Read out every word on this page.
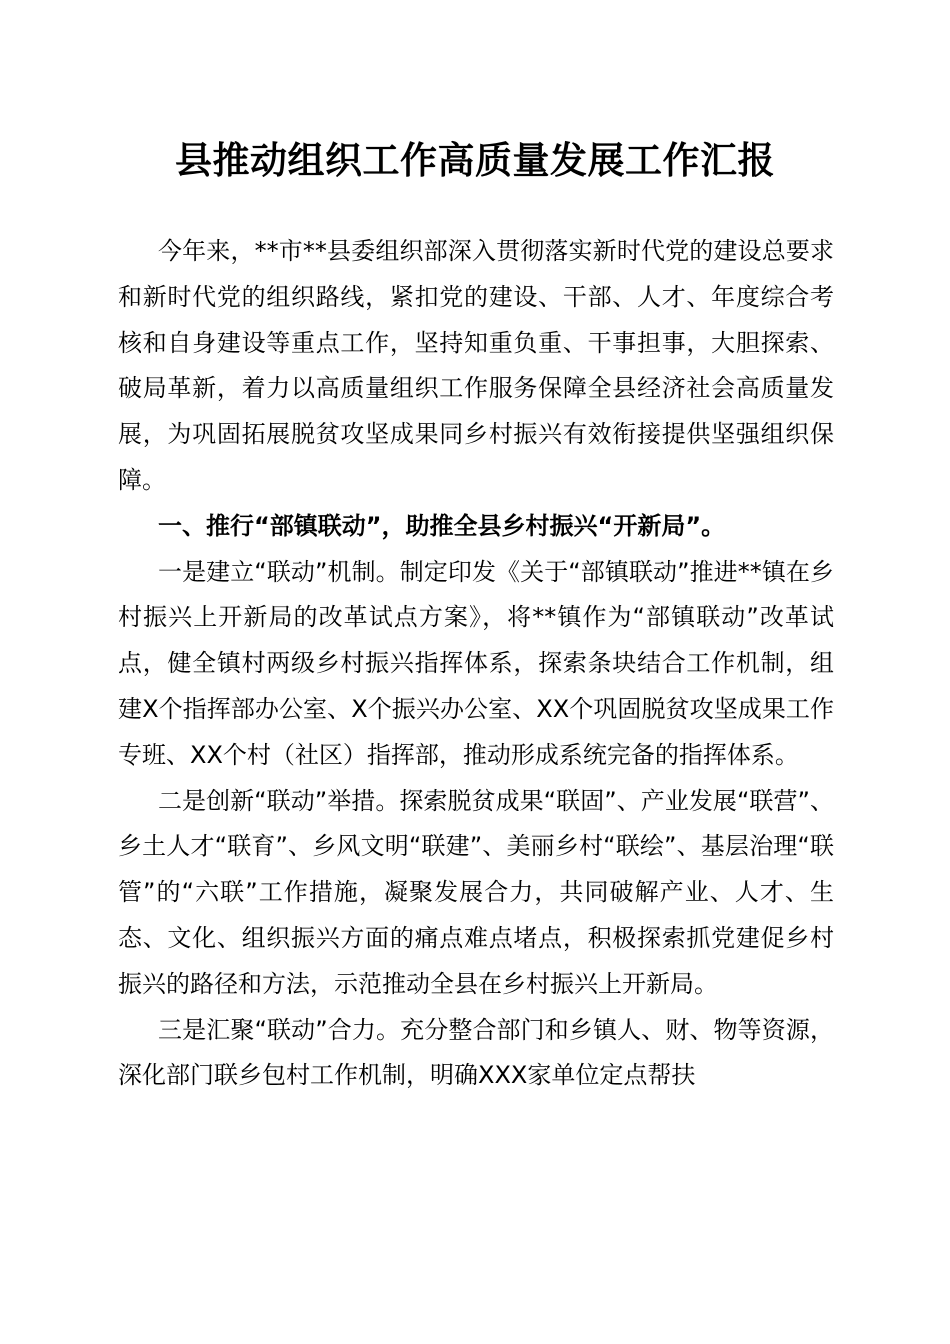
县推动组织工作高质量发展工作汇报

今年来，**市**县委组织部深入贯彻落实新时代党的建设总要求和新时代党的组织路线，紧扣党的建设、干部、人才、年度综合考核和自身建设等重点工作，坚持知重负重、干事担事，大胆探索、破局革新，着力以高质量组织工作服务保障全县经济社会高质量发展，为巩固拓展脱贫攻坚成果同乡村振兴有效衔接提供坚强组织保障。

一、推行“部镇联动”，助推全县乡村振兴“开新局”。

一是建立“联动”机制。制定印发《关于“部镇联动”推进**镇在乡村振兴上开新局的改革试点方案》，将**镇作为“部镇联动”改革试点，健全镇村两级乡村振兴指挥体系，探索条块结合工作机制，组建X个指挥部办公室、X个振兴办公室、XX个巩固脱贫攻坚成果工作专班、XX个村（社区）指挥部，推动形成系统完备的指挥体系。

二是创新“联动”举措。探索脱贫成果“联固”、产业发展“联营”、乡土人才“联育”、乡风文明“联建”、美丽乡村“联绘”、基层治理“联管”的“六联”工作措施，凝聚发展合力，共同破解产业、人才、生态、文化、组织振兴方面的痛点难点堵点，积极探索抓党建促乡村振兴的路径和方法，示范推动全县在乡村振兴上开新局。

三是汇聚“联动”合力。充分整合部门和乡镇人、财、物等资源，深化部门联乡包村工作机制，明确XXX家单位定点帮扶
